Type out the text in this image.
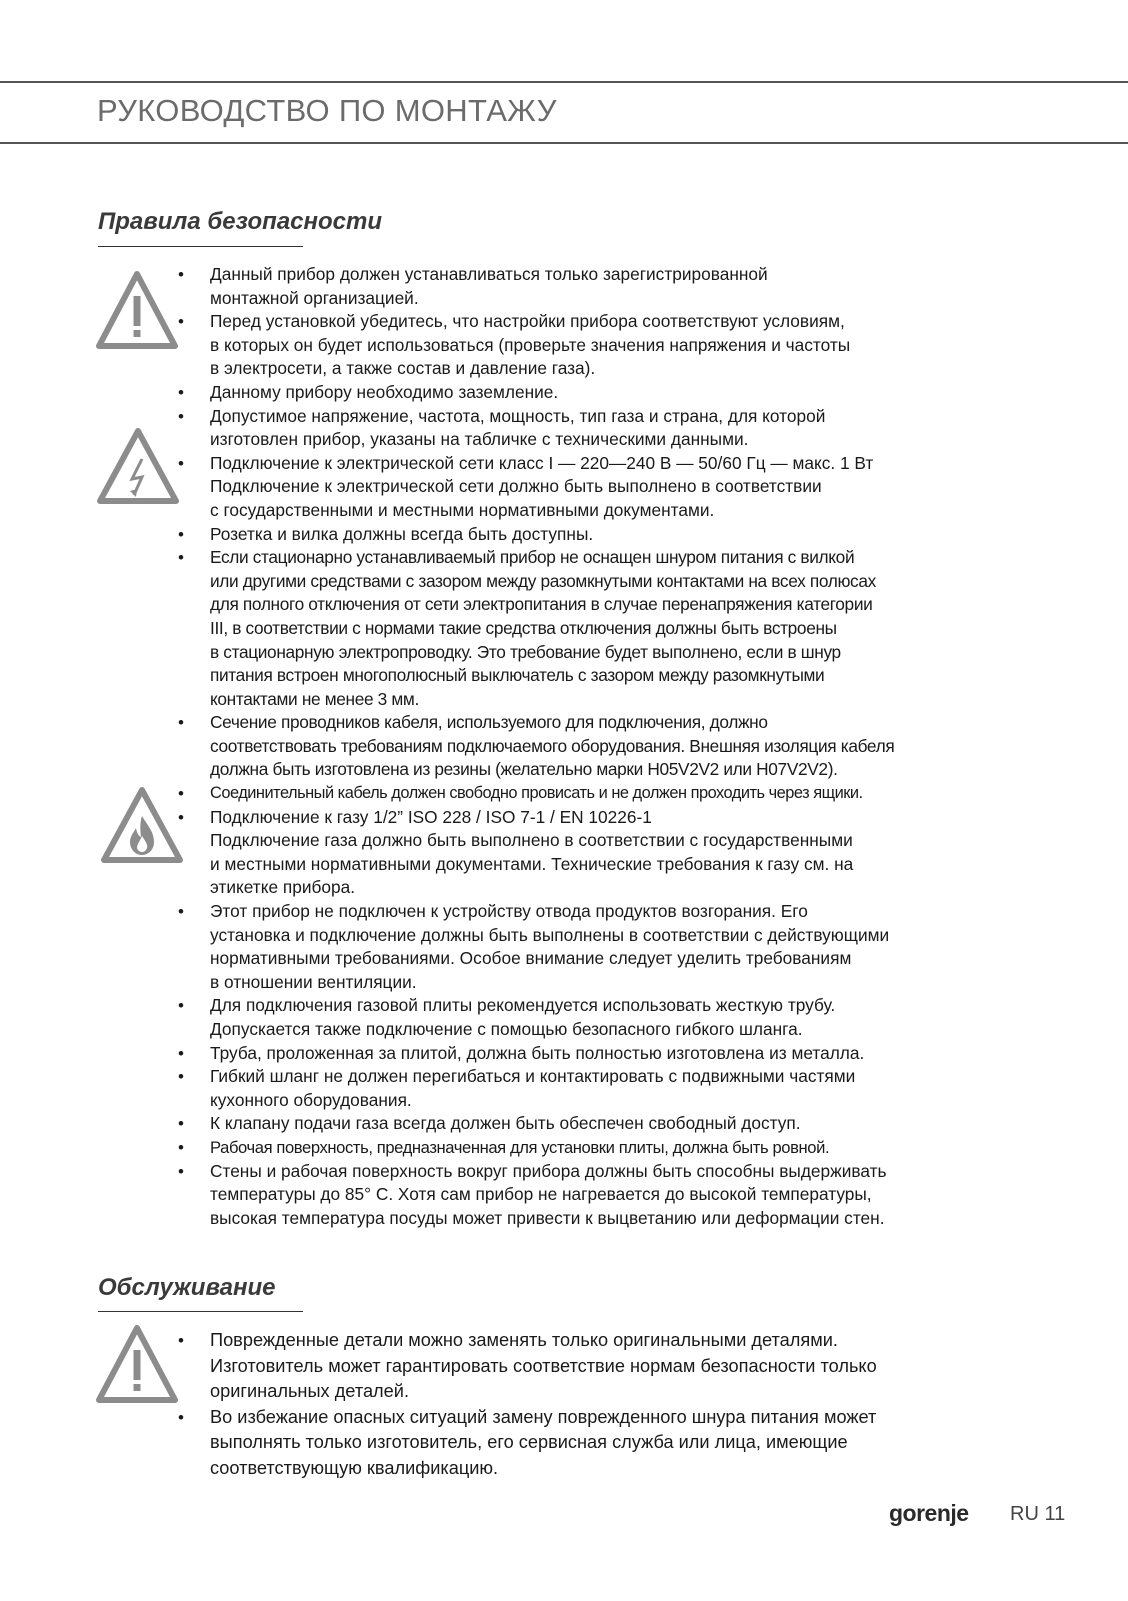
РУКОВОДСТВО ПО МОНТАЖУ
Правила безопасности
• Данный прибор должен устанавливаться только зарегистрированной
монтажной организацией.
• Перед установкой убедитесь, что настройки прибора соответствуют условиям,
в которых он будет использоваться (проверьте значения напряжения и частоты
в электросети, а также состав и давление газа).
• Данному прибору необходимо заземление.
• Допустимое напряжение, частота, мощность, тип газа и страна, для которой
изготовлен прибор, указаны на табличке с техническими данными.
• Подключение к электрической сети класс I — 220—240 В — 50/60 Гц — макс. 1 Вт
Подключение к электрической сети должно быть выполнено в соответствии
с государственными и местными нормативными документами.
• Розетка и вилка должны всегда быть доступны.
• Если стационарно устанавливаемый прибор не оснащен шнуром питания с вилкой
или другими средствами с зазором между разомкнутыми контактами на всех полюсах
для полного отключения от сети электропитания в случае перенапряжения категории
III, в соответствии с нормами такие средства отключения должны быть встроены
в стационарную электропроводку. Это требование будет выполнено, если в шнур
питания встроен многополюсный выключатель с зазором между разомкнутыми
контактами не менее 3 мм.
• Сечение проводников кабеля, используемого для подключения, должно
соответствовать требованиям подключаемого оборудования. Внешняя изоляция кабеля
должна быть изготовлена из резины (желательно марки H05V2V2 или H07V2V2).
• Соединительный кабель должен свободно провисать и не должен проходить через ящики.
• Подключение к газу 1/2” ISO 228 / ISO 7-1 / EN 10226-1
Подключение газа должно быть выполнено в соответствии с государственными
и местными нормативными документами. Технические требования к газу см. на
этикетке прибора.
• Этот прибор не подключен к устройству отвода продуктов возгорания. Его
установка и подключение должны быть выполнены в соответствии с действующими
нормативными требованиями. Особое внимание следует уделить требованиям
в отношении вентиляции.
• Для подключения газовой плиты рекомендуется использовать жесткую трубу.
Допускается также подключение с помощью безопасного гибкого шланга.
• Труба, проложенная за плитой, должна быть полностью изготовлена из металла.
• Гибкий шланг не должен перегибаться и контактировать с подвижными частями
кухонного оборудования.
• К клапану подачи газа всегда должен быть обеспечен свободный доступ.
• Рабочая поверхность, предназначенная для установки плиты, должна быть ровной.
• Стены и рабочая поверхность вокруг прибора должны быть способны выдерживать
температуры до 85° C. Хотя сам прибор не нагревается до высокой температуры,
высокая температура посуды может привести к выцветанию или деформации стен.
Обслуживание
• Поврежденные детали можно заменять только оригинальными деталями.
Изготовитель может гарантировать соответствие нормам безопасности только
оригинальных деталей.
• Во избежание опасных ситуаций замену поврежденного шнура питания может
выполнять только изготовитель, его сервисная служба или лица, имеющие
соответствующую квалификацию.
gorenje RU 11
